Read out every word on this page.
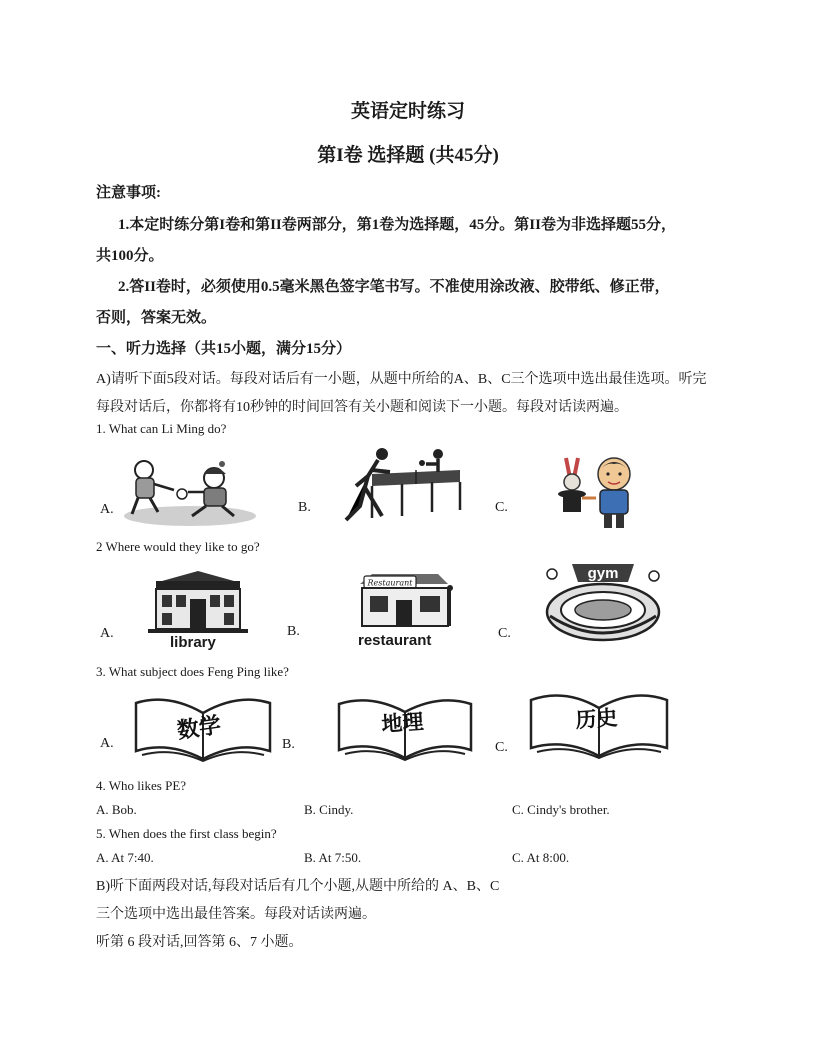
英语定时练习
第I卷 选择题 (共45分)
注意事项:
1.本定时练分第I卷和第II卷两部分，第1卷为选择题，45分。第II卷为非选择题55分，
共100分。
2.答II卷时，必须使用0.5毫米黑色签字笔书写。不准使用涂改液、胶带纸、修正带，
否则，答案无效。
一、听力选择（共15小题，满分15分）
A)请听下面5段对话。每段对话后有一小题，从题中所给的A、B、C三个选项中选出最佳选项。听完
每段对话后，你都将有10秒钟的时间回答有关小题和阅读下一小题。每段对话读两遍。
1. What can Li Ming do?
A.	B.	C.
2 Where would they like to go?
A.	B.	C.
library
Restaurant
restaurant
gym
3. What subject does Feng Ping like?
A.	B.	C.
数学	地理	历史
4. Who likes PE?
A. Bob.	B. Cindy.	C. Cindy's brother.
5. When does the first class begin?
A. At 7:40.	B. At 7:50.	C. At 8:00.
B)听下面两段对话,每段对话后有几个小题,从题中所给的 A、B、C
三个选项中选出最佳答案。每段对话读两遍。
听第 6 段对话,回答第 6、7 小题。
